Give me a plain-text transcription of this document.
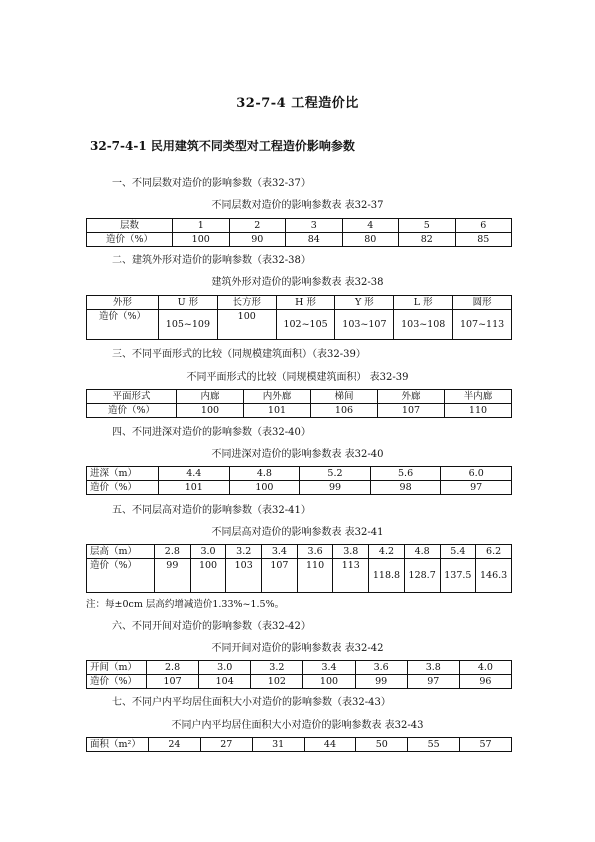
32-7-4 工程造价比
32-7-4-1 民用建筑不同类型对工程造价影响参数
一、不同层数对造价的影响参数（表32-37）
不同层数对造价的影响参数表 表32-37
层数	1	2	3	4	5	6
造价（%）	100	90	84	80	82	85
二、建筑外形对造价的影响参数（表32-38）
建筑外形对造价的影响参数表 表32-38
外形	U 形	长方形	H 形	Y 形	L 形	圆形
造价（%）	105~109	100	102~105	103~107	103~108	107~113
三、不同平面形式的比较（同规模建筑面积）（表32-39）
不同平面形式的比较（同规模建筑面积） 表32-39
平面形式	内廊	内外廊	梯间	外廊	半内廊
造价（%）	100	101	106	107	110
四、不同进深对造价的影响参数（表32-40）
不同进深对造价的影响参数表 表32-40
进深（m）	4.4	4.8	5.2	5.6	6.0
造价（%）	101	100	99	98	97
五、不同层高对造价的影响参数（表32-41）
不同层高对造价的影响参数表 表32-41
层高（m）	2.8	3.0	3.2	3.4	3.6	3.8	4.2	4.8	5.4	6.2
造价（%）	99	100	103	107	110	113	118.8	128.7	137.5	146.3
注：每±0cm 层高约增减造价1.33%~1.5%。
六、不同开间对造价的影响参数（表32-42）
不同开间对造价的影响参数表 表32-42
开间（m）	2.8	3.0	3.2	3.4	3.6	3.8	4.0
造价（%）	107	104	102	100	99	97	96
七、不同户内平均居住面积大小对造价的影响参数（表32-43）
不同户内平均居住面积大小对造价的影响参数表 表32-43
面积（m²）	24	27	31	44	50	55	57
